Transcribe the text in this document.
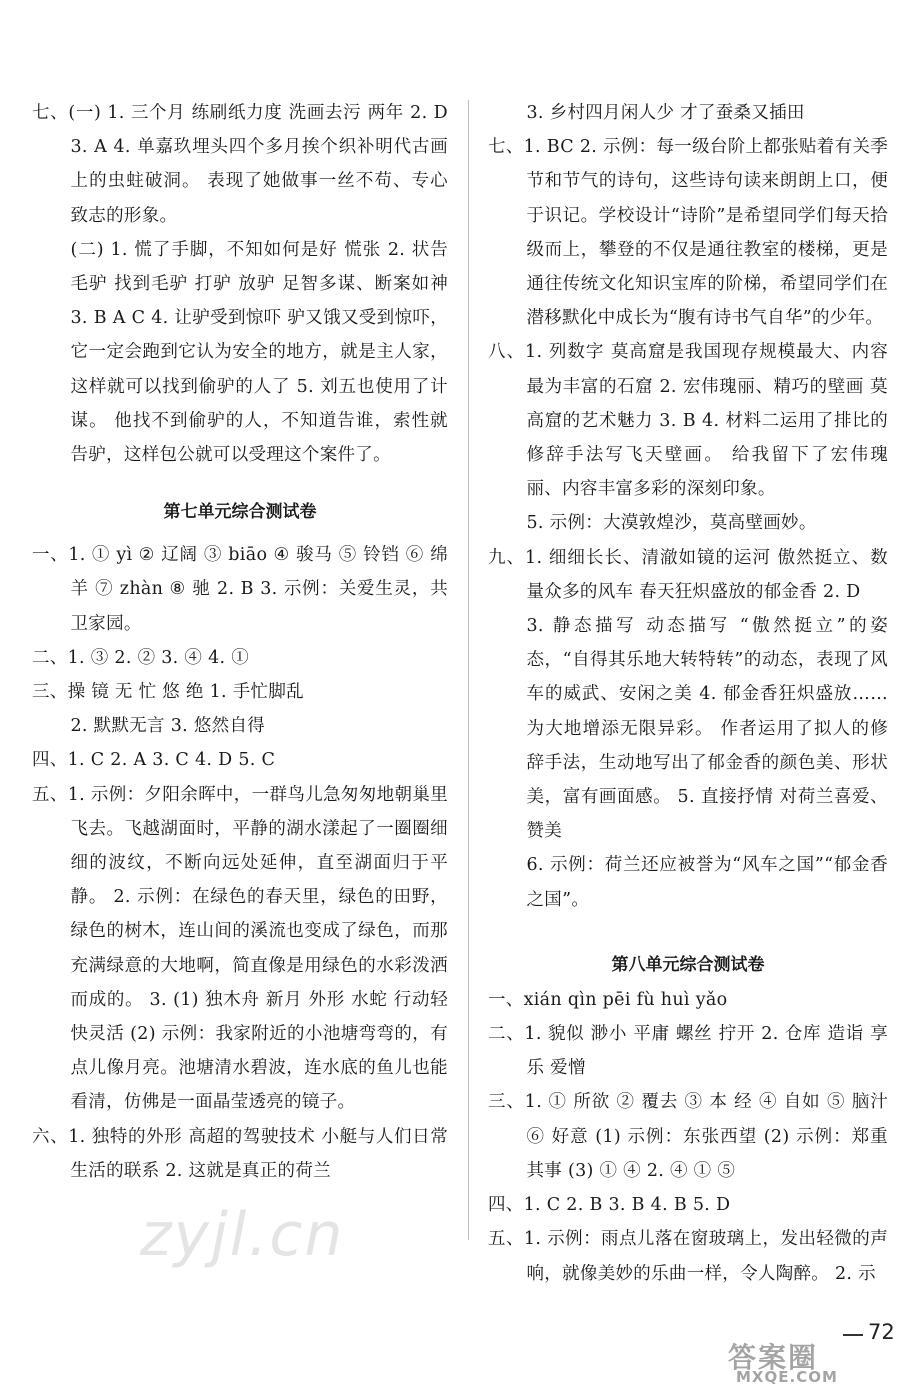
七、(一) 1. 三个月 练刷纸力度 洗画去污 两年 2. D 3. A 4. 单嘉玖埋头四个多月挨个织补明代古画上的虫蛀破洞。 表现了她做事一丝不苟、专心致志的形象。

(二) 1. 慌了手脚，不知如何是好 慌张 2. 状告毛驴 找到毛驴 打驴 放驴 足智多谋、断案如神 3. B A C 4. 让驴受到惊吓 驴又饿又受到惊吓，它一定会跑到它认为安全的地方，就是主人家，这样就可以找到偷驴的人了 5. 刘五也使用了计谋。 他找不到偷驴的人，不知道告谁，索性就告驴，这样包公就可以受理这个案件了。

第七单元综合测试卷

一、1. ① yì ② 辽阔 ③ biāo ④ 骏马 ⑤ 铃铛 ⑥ 绵羊 ⑦ zhàn ⑧ 驰 2. B 3. 示例：关爱生灵，共卫家园。

二、1. ③ 2. ② 3. ④ 4. ①

三、操 镜 无 忙 悠 绝 1. 手忙脚乱

2. 默默无言 3. 悠然自得

四、1. C 2. A 3. C 4. D 5. C

五、1. 示例：夕阳余晖中，一群鸟儿急匆匆地朝巢里飞去。飞越湖面时，平静的湖水漾起了一圈圈细细的波纹，不断向远处延伸，直至湖面归于平静。 2. 示例：在绿色的春天里，绿色的田野，绿色的树木，连山间的溪流也变成了绿色，而那充满绿意的大地啊，简直像是用绿色的水彩泼洒而成的。 3. (1) 独木舟 新月 外形 水蛇 行动轻快灵活 (2) 示例：我家附近的小池塘弯弯的，有点儿像月亮。池塘清水碧波，连水底的鱼儿也能看清，仿佛是一面晶莹透亮的镜子。

六、1. 独特的外形 高超的驾驶技术 小艇与人们日常生活的联系 2. 这就是真正的荷兰

3. 乡村四月闲人少 才了蚕桑又插田

七、1. BC 2. 示例：每一级台阶上都张贴着有关季节和节气的诗句，这些诗句读来朗朗上口，便于识记。学校设计“诗阶”是希望同学们每天拾级而上，攀登的不仅是通往教室的楼梯，更是通往传统文化知识宝库的阶梯，希望同学们在潜移默化中成长为“腹有诗书气自华”的少年。

八、1. 列数字 莫高窟是我国现存规模最大、内容最为丰富的石窟 2. 宏伟瑰丽、精巧的壁画 莫高窟的艺术魅力 3. B 4. 材料二运用了排比的修辞手法写飞天壁画。 给我留下了宏伟瑰丽、内容丰富多彩的深刻印象。

5. 示例：大漠敦煌沙，莫高壁画妙。

九、1. 细细长长、清澈如镜的运河 傲然挺立、数量众多的风车 春天狂炽盛放的郁金香 2. D

3. 静态描写 动态描写 “傲然挺立”的姿态，“自得其乐地大转特转”的动态，表现了风车的威武、安闲之美 4. 郁金香狂炽盛放……为大地增添无限异彩。 作者运用了拟人的修辞手法，生动地写出了郁金香的颜色美、形状美，富有画面感。 5. 直接抒情 对荷兰喜爱、赞美

6. 示例：荷兰还应被誉为“风车之国”“郁金香之国”。

第八单元综合测试卷

一、xián qìn pēi fù huì yǎo

二、1. 貌似 渺小 平庸 螺丝 拧开 2. 仓库 造诣 享乐 爱憎

三、1. ① 所欲 ② 覆去 ③ 本 经 ④ 自如 ⑤ 脑汁 ⑥ 好意 (1) 示例：东张西望 (2) 示例：郑重其事 (3) ① ④ 2. ④ ① ⑤

四、1. C 2. B 3. B 4. B 5. D

五、1. 示例：雨点儿落在窗玻璃上，发出轻微的声响，就像美妙的乐曲一样，令人陶醉。 2. 示

zyjl.cn
72
答案圈
MXQE.COM
